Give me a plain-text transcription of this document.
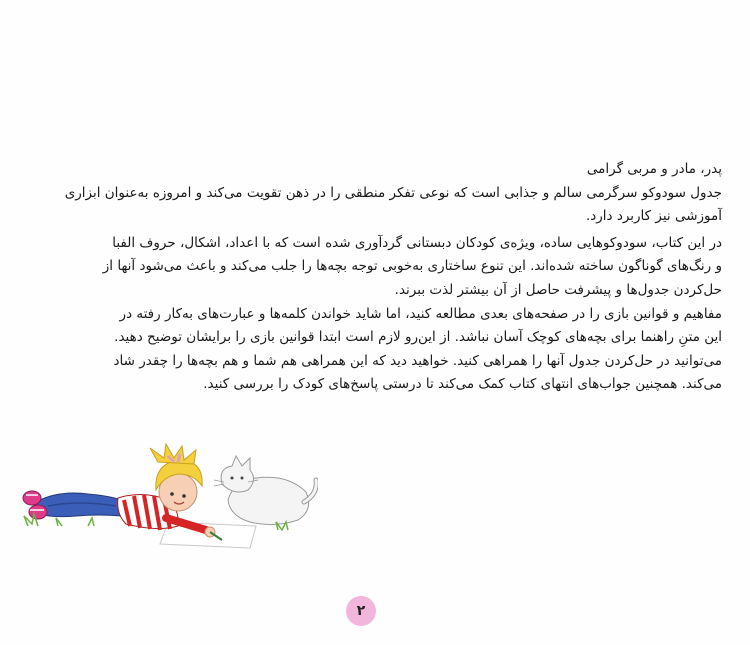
پدر، مادر و مربی گرامی
جدول سودوکو سرگرمی سالم و جذابی است که نوعی تفکر منطقی را در ذهن تقویت می‌کند و امروزه به‌عنوان ابزاری
آموزشی نیز کاربرد دارد.
در این کتاب، سودوکوهایی ساده، ویژه‌ی کودکان دبستانی گردآوری شده است که با اعداد، اشکال، حروف الفبا
و رنگ‌های گوناگون ساخته شده‌اند. این تنوع ساختاری به‌خوبی توجه بچه‌ها را جلب می‌کند و باعث می‌شود آنها از
حل‌کردن جدول‌ها و پیشرفت حاصل از آن بیشتر لذت ببرند.
مفاهیم و قوانین بازی را در صفحه‌های بعدی مطالعه کنید، اما شاید خواندن کلمه‌ها و عبارت‌های به‌کار رفته در
این متنِ راهنما برای بچه‌های کوچک آسان نباشد. از این‌رو لازم است ابتدا قوانین بازی را برایشان توضیح دهید.
می‌توانید در حل‌کردن جدول آنها را همراهی کنید. خواهید دید که این همراهی هم شما و هم بچه‌ها را چقدر شاد
می‌کند. همچنین جواب‌های انتهای کتاب کمک می‌کند تا درستی پاسخ‌های کودک را بررسی کنید.
۲
